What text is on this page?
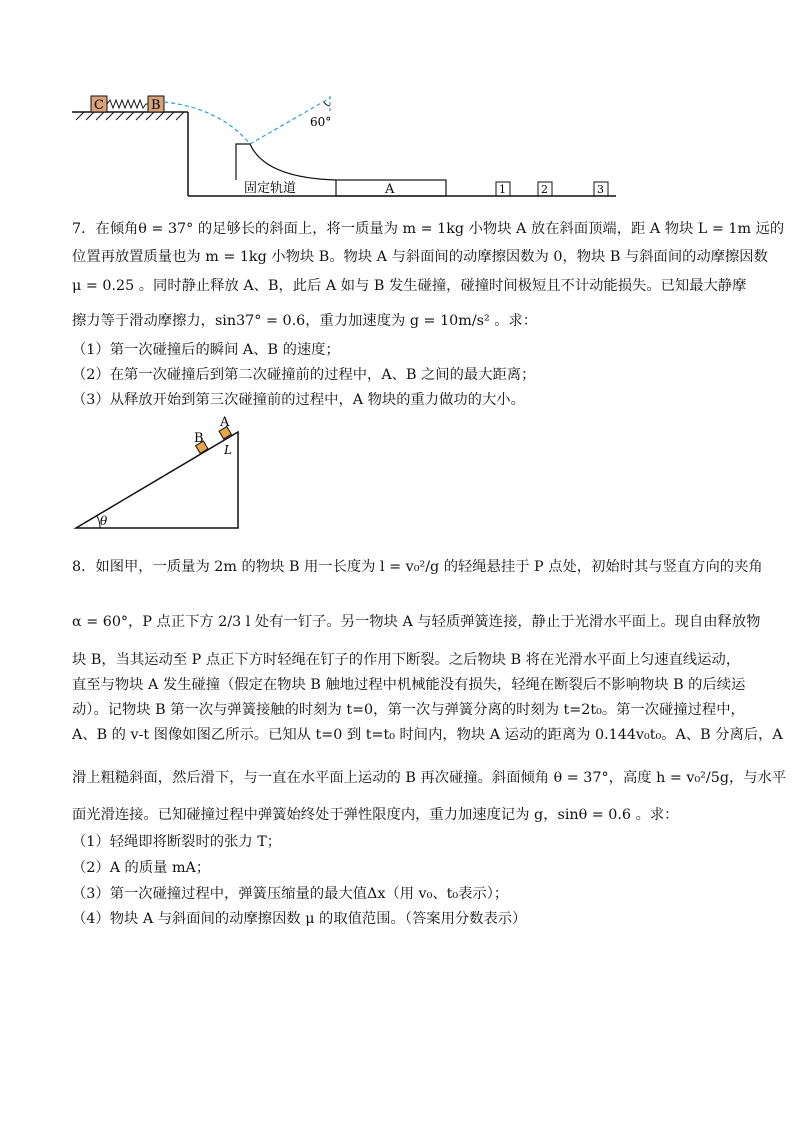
C	B
60°
固定轨道	A	1	2	3
7．在倾角θ = 37° 的足够长的斜面上，将一质量为 m = 1kg 小物块 A 放在斜面顶端，距 A 物块 L = 1m 远的
位置再放置质量也为 m = 1kg 小物块 B。物块 A 与斜面间的动摩擦因数为 0，物块 B 与斜面间的动摩擦因数
μ = 0.25 。同时静止释放 A、B，此后 A 如与 B 发生碰撞，碰撞时间极短且不计动能损失。已知最大静摩
擦力等于滑动摩擦力，sin37° = 0.6，重力加速度为 g = 10m/s² 。求：
（1）第一次碰撞后的瞬间 A、B 的速度；
（2）在第一次碰撞后到第二次碰撞前的过程中，A、B 之间的最大距离；
（3）从释放开始到第三次碰撞前的过程中，A 物块的重力做功的大小。
θ
A
B
L
8．如图甲，一质量为 2m 的物块 B 用一长度为 l = v₀²/g 的轻绳悬挂于 P 点处，初始时其与竖直方向的夹角
α = 60°，P 点正下方 2/3 l 处有一钉子。另一物块 A 与轻质弹簧连接，静止于光滑水平面上。现自由释放物
块 B，当其运动至 P 点正下方时轻绳在钉子的作用下断裂。之后物块 B 将在光滑水平面上匀速直线运动，
直至与物块 A 发生碰撞（假定在物块 B 触地过程中机械能没有损失，轻绳在断裂后不影响物块 B 的后续运
动）。记物块 B 第一次与弹簧接触的时刻为 t=0，第一次与弹簧分离的时刻为 t=2t₀。第一次碰撞过程中，
A、B 的 v-t 图像如图乙所示。已知从 t=0 到 t=t₀ 时间内，物块 A 运动的距离为 0.144v₀t₀。A、B 分离后，A
滑上粗糙斜面，然后滑下，与一直在水平面上运动的 B 再次碰撞。斜面倾角 θ = 37°，高度 h = v₀²/5g，与水平
面光滑连接。已知碰撞过程中弹簧始终处于弹性限度内，重力加速度记为 g，sinθ = 0.6 。求：
（1）轻绳即将断裂时的张力 T；
（2）A 的质量 mA；
（3）第一次碰撞过程中，弹簧压缩量的最大值Δx（用 v₀、t₀表示）；
（4）物块 A 与斜面间的动摩擦因数 μ 的取值范围。（答案用分数表示）
